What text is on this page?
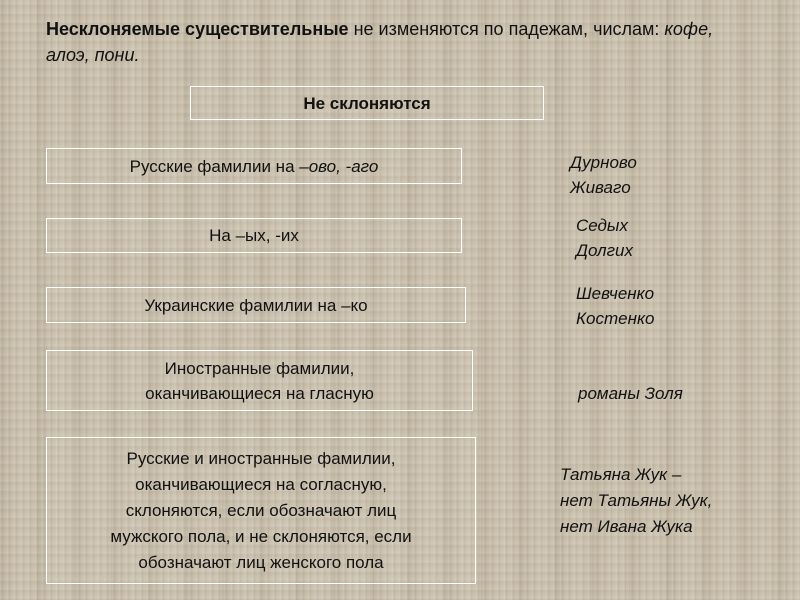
Несклоняемые существительные не изменяются по падежам, числам: кофе, алоэ, пони.
Не склоняются
Русские фамилии на –ово, -аго	Дурново
Живаго
На –ых, -их
Седых
Долгих
Украинские фамилии на –ко
Шевченко
Костенко
Иностранные фамилии,
оканчивающиеся на гласную	романы Золя
Русские и иностранные фамилии,
оканчивающиеся на согласную,
склоняются, если обозначают лиц
мужского пола, и не склоняются, если
обозначают лиц женского пола
Татьяна Жук –
нет Татьяны Жук,
нет Ивана Жука
